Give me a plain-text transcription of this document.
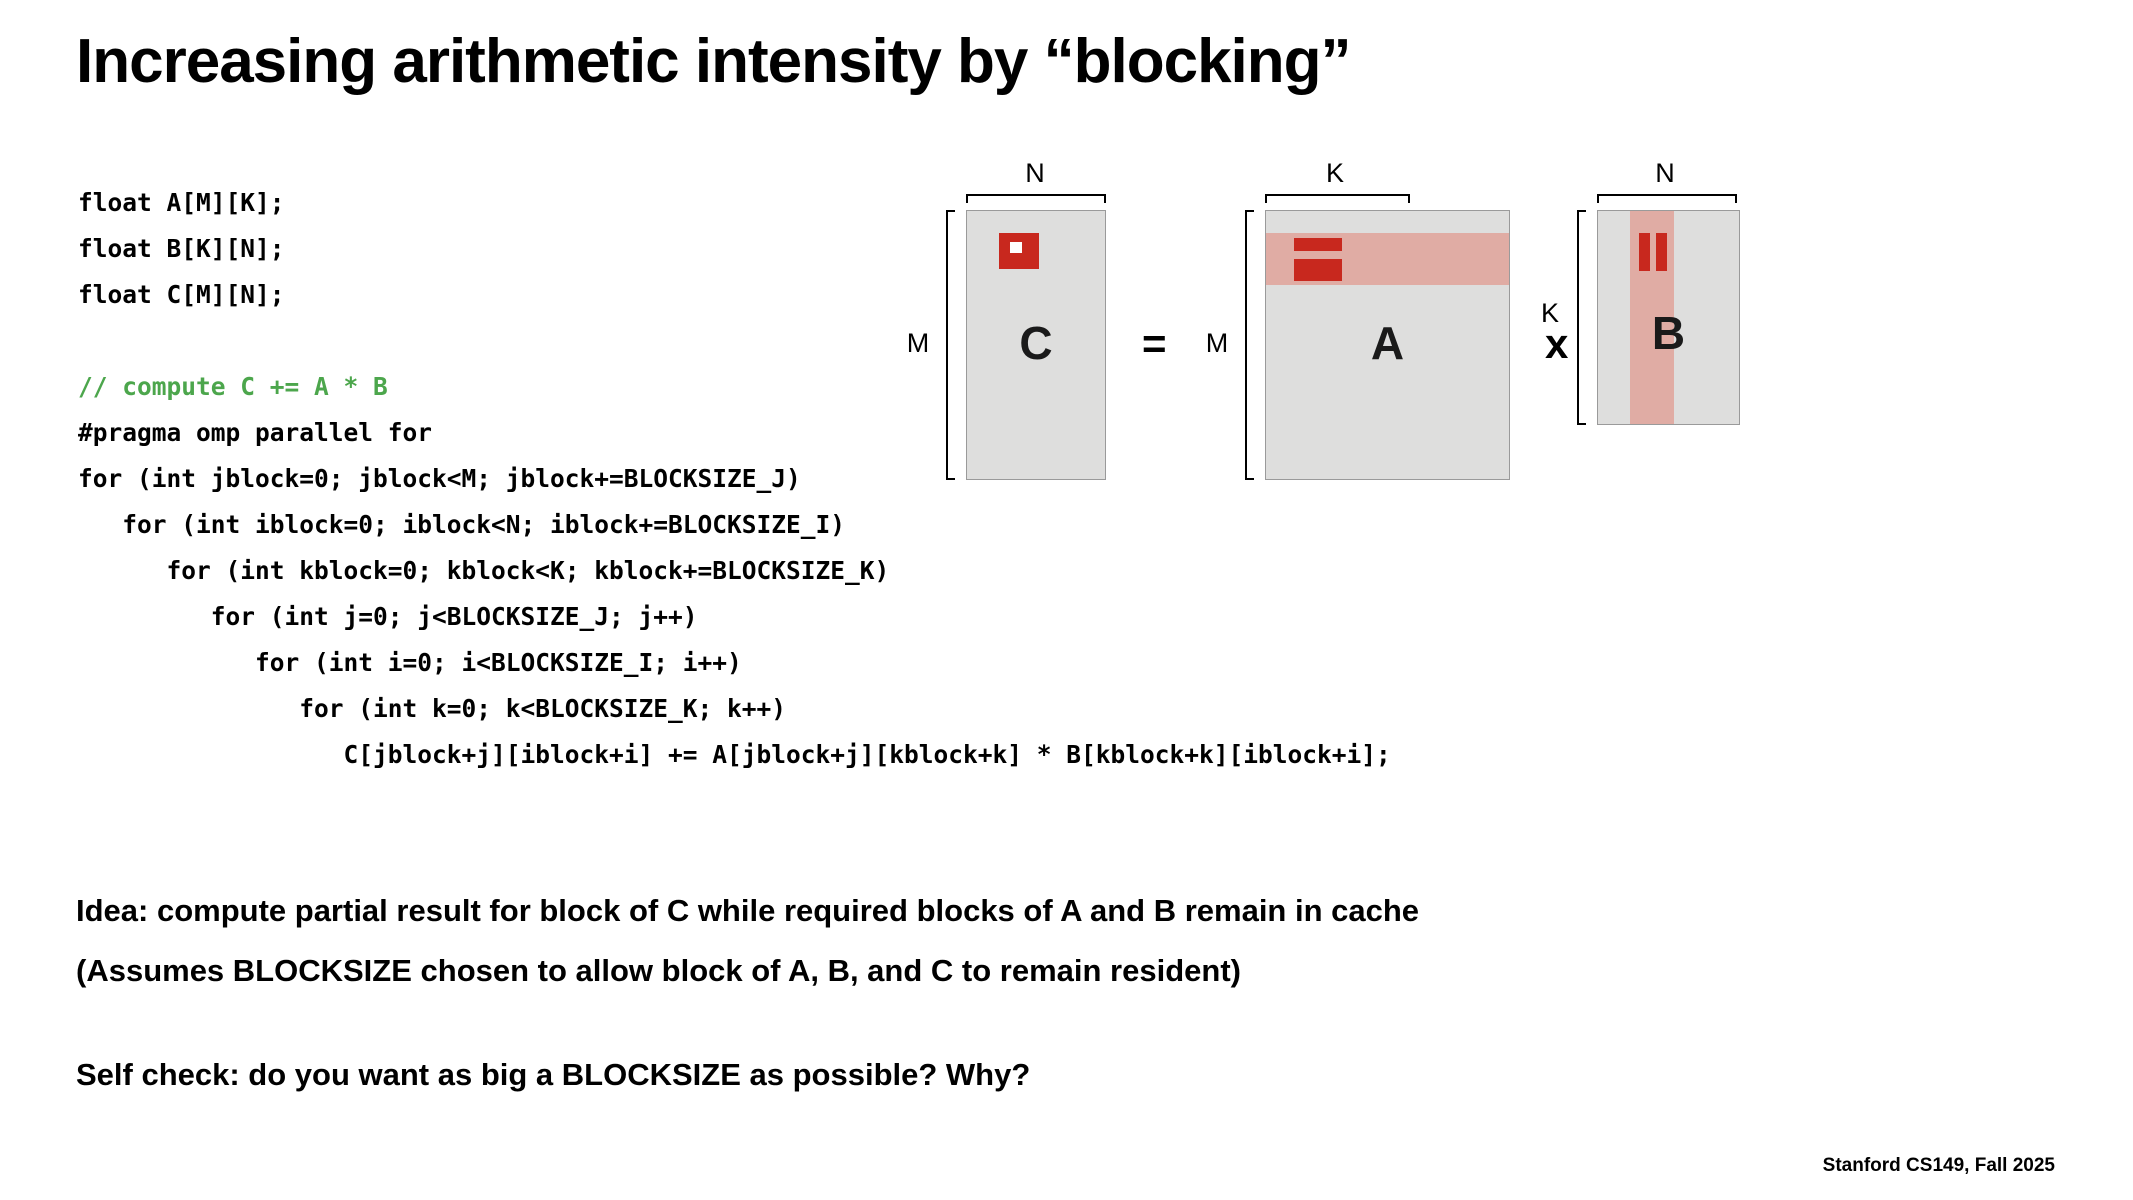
Increasing arithmetic intensity by “blocking”
float A[M][K];
float B[K][N];
float C[M][N];

// compute C += A * B
#pragma omp parallel for
for (int jblock=0; jblock<M; jblock+=BLOCKSIZE_J)
for (int iblock=0; iblock<N; iblock+=BLOCKSIZE_I)
for (int kblock=0; kblock<K; kblock+=BLOCKSIZE_K)
for (int j=0; j<BLOCKSIZE_J; j++)
for (int i=0; i<BLOCKSIZE_I; i++)
for (int k=0; k<BLOCKSIZE_K; k++)
C[jblock+j][iblock+i] += A[jblock+j][kblock+k] * B[kblock+k][iblock+i];
N
M	C	=
K
M	A	x
N
K	B
Idea: compute partial result for block of C while required blocks of A and B remain in cache
(Assumes BLOCKSIZE chosen to allow block of A, B, and C to remain resident)
Self check: do you want as big a BLOCKSIZE as possible? Why?
Stanford CS149, Fall 2025
